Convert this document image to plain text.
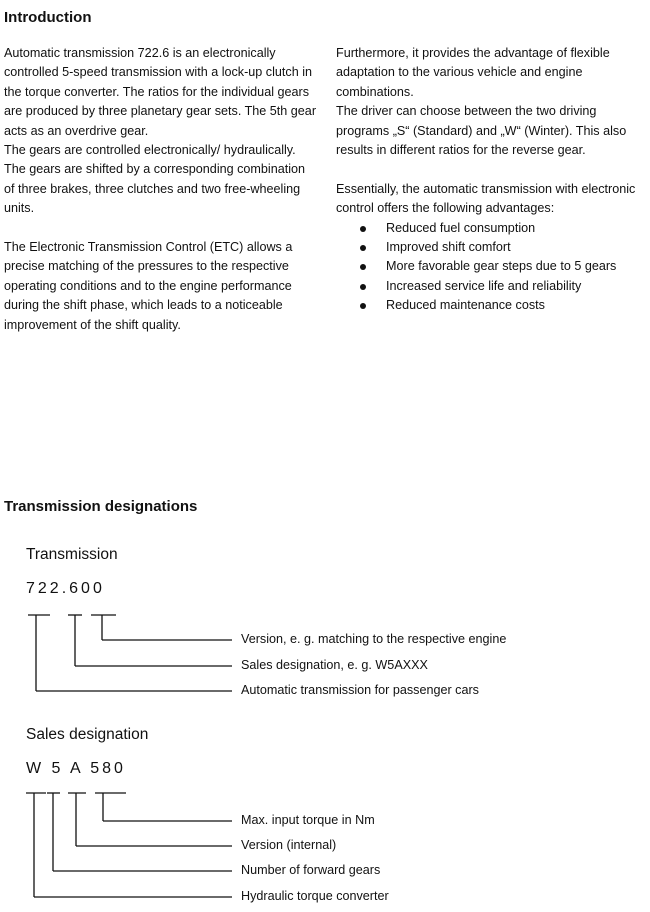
Introduction

Automatic transmission 722.6 is an electronically controlled 5-speed transmission with a lock-up clutch in the torque converter. The ratios for the individual gears are produced by three planetary gear sets. The 5th gear acts as an overdrive gear.

The gears are controlled electronically/ hydraulically. The gears are shifted by a corresponding combination of three brakes, three clutches and two free-wheeling units.

The Electronic Transmission Control (ETC) allows a precise matching of the pressures to the respective operating conditions and to the engine performance during the shift phase, which leads to a noticeable improvement of the shift quality.

Furthermore, it provides the advantage of flexible adaptation to the various vehicle and engine combinations.

The driver can choose between the two driving programs „S“ (Standard) and „W“ (Winter). This also results in different ratios for the reverse gear.

Essentially, the automatic transmission with electronic control offers the following advantages:

Reduced fuel consumption
Improved shift comfort
More favorable gear steps due to 5 gears
Increased service life and reliability
Reduced maintenance costs
Transmission designations
Transmission
722.600
Version, e. g. matching to the respective engine
Sales designation, e. g. W5AXXX
Automatic transmission for passenger cars
Sales designation
W 5 A 580
Max. input torque in Nm
Version (internal)
Number of forward gears
Hydraulic torque converter
